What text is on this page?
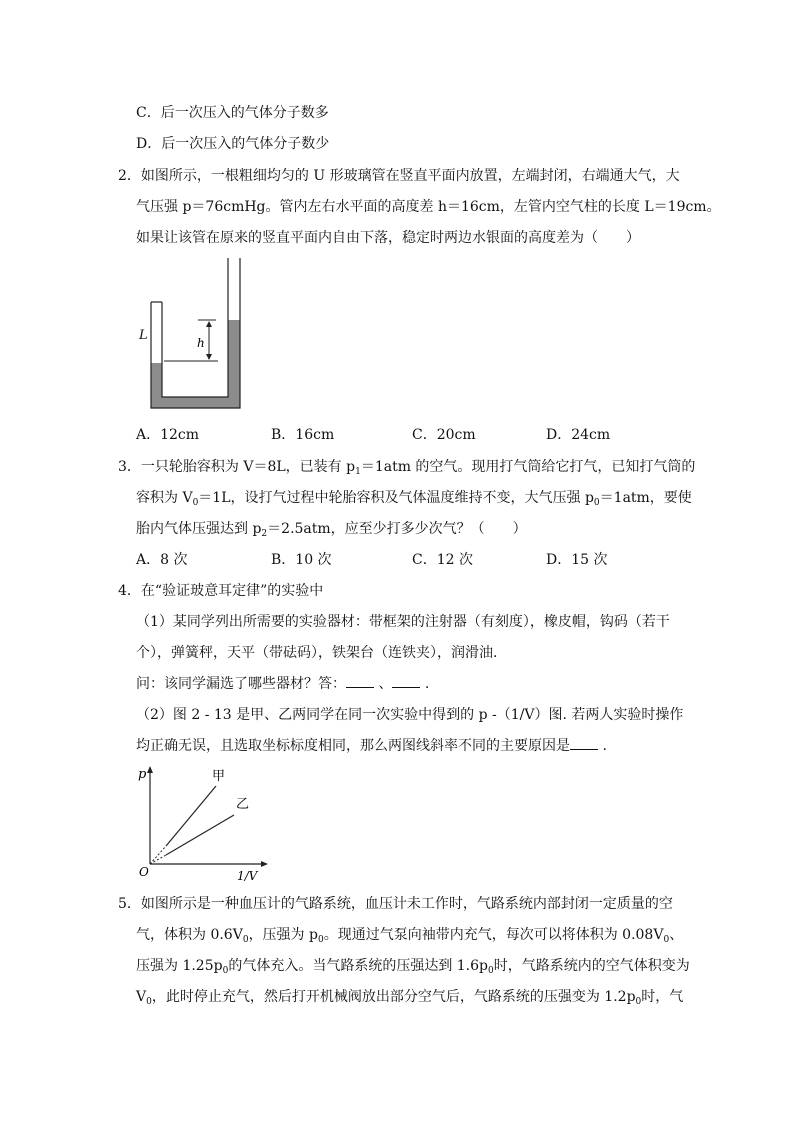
C．后一次压入的气体分子数多
D．后一次压入的气体分子数少
2．如图所示，一根粗细均匀的 U 形玻璃管在竖直平面内放置，左端封闭，右端通大气，大
气压强 p＝76cmHg。管内左右水平面的高度差 h＝16cm，左管内空气柱的长度 L＝19cm。
如果让该管在原来的竖直平面内自由下落，稳定时两边水银面的高度差为（　　）
h
L
A．12cm	B．16cm	C．20cm	D．24cm
3．一只轮胎容积为 V＝8L，已装有 $p_1=1atm$ 的空气。现用打气筒给它打气，已知打气筒的
容积为 $V_0=1L$，设打气过程中轮胎容积及气体温度维持不变，大气压强 $p_0=1atm$，要使
胎内气体压强达到 $p_2=2.5atm$，应至少打多少次气？（　　）
A．8 次	B．10 次	C．12 次	D．15 次
4．在“验证玻意耳定律”的实验中
（1）某同学列出所需要的实验器材：带框架的注射器（有刻度），橡皮帽，钩码（若干
个），弹簧秤，天平（带砝码），铁架台（连铁夹），润滑油.
问：该同学漏选了哪些器材？答： 、 .
（2）图 2 - 13 是甲、乙两同学在同一次实验中得到的 p -（1/V）图. 若两人实验时操作
均正确无误，且选取坐标标度相同，那么两图线斜率不同的主要原因是 .
p
O	1/V
甲
乙
5．如图所示是一种血压计的气路系统，血压计未工作时，气路系统内部封闭一定质量的空
气，体积为 $0.6V_0$，压强为 $p_0$。现通过气泵向袖带内充气，每次可以将体积为 $0.08V_0$、
压强为 $1.25p_0$的气体充入。当气路系统的压强达到 $1.6p_0$时，气路系统内的空气体积变为
$V_0$，此时停止充气，然后打开机械阀放出部分空气后，气路系统的压强变为 $1.2p_0$时，气
